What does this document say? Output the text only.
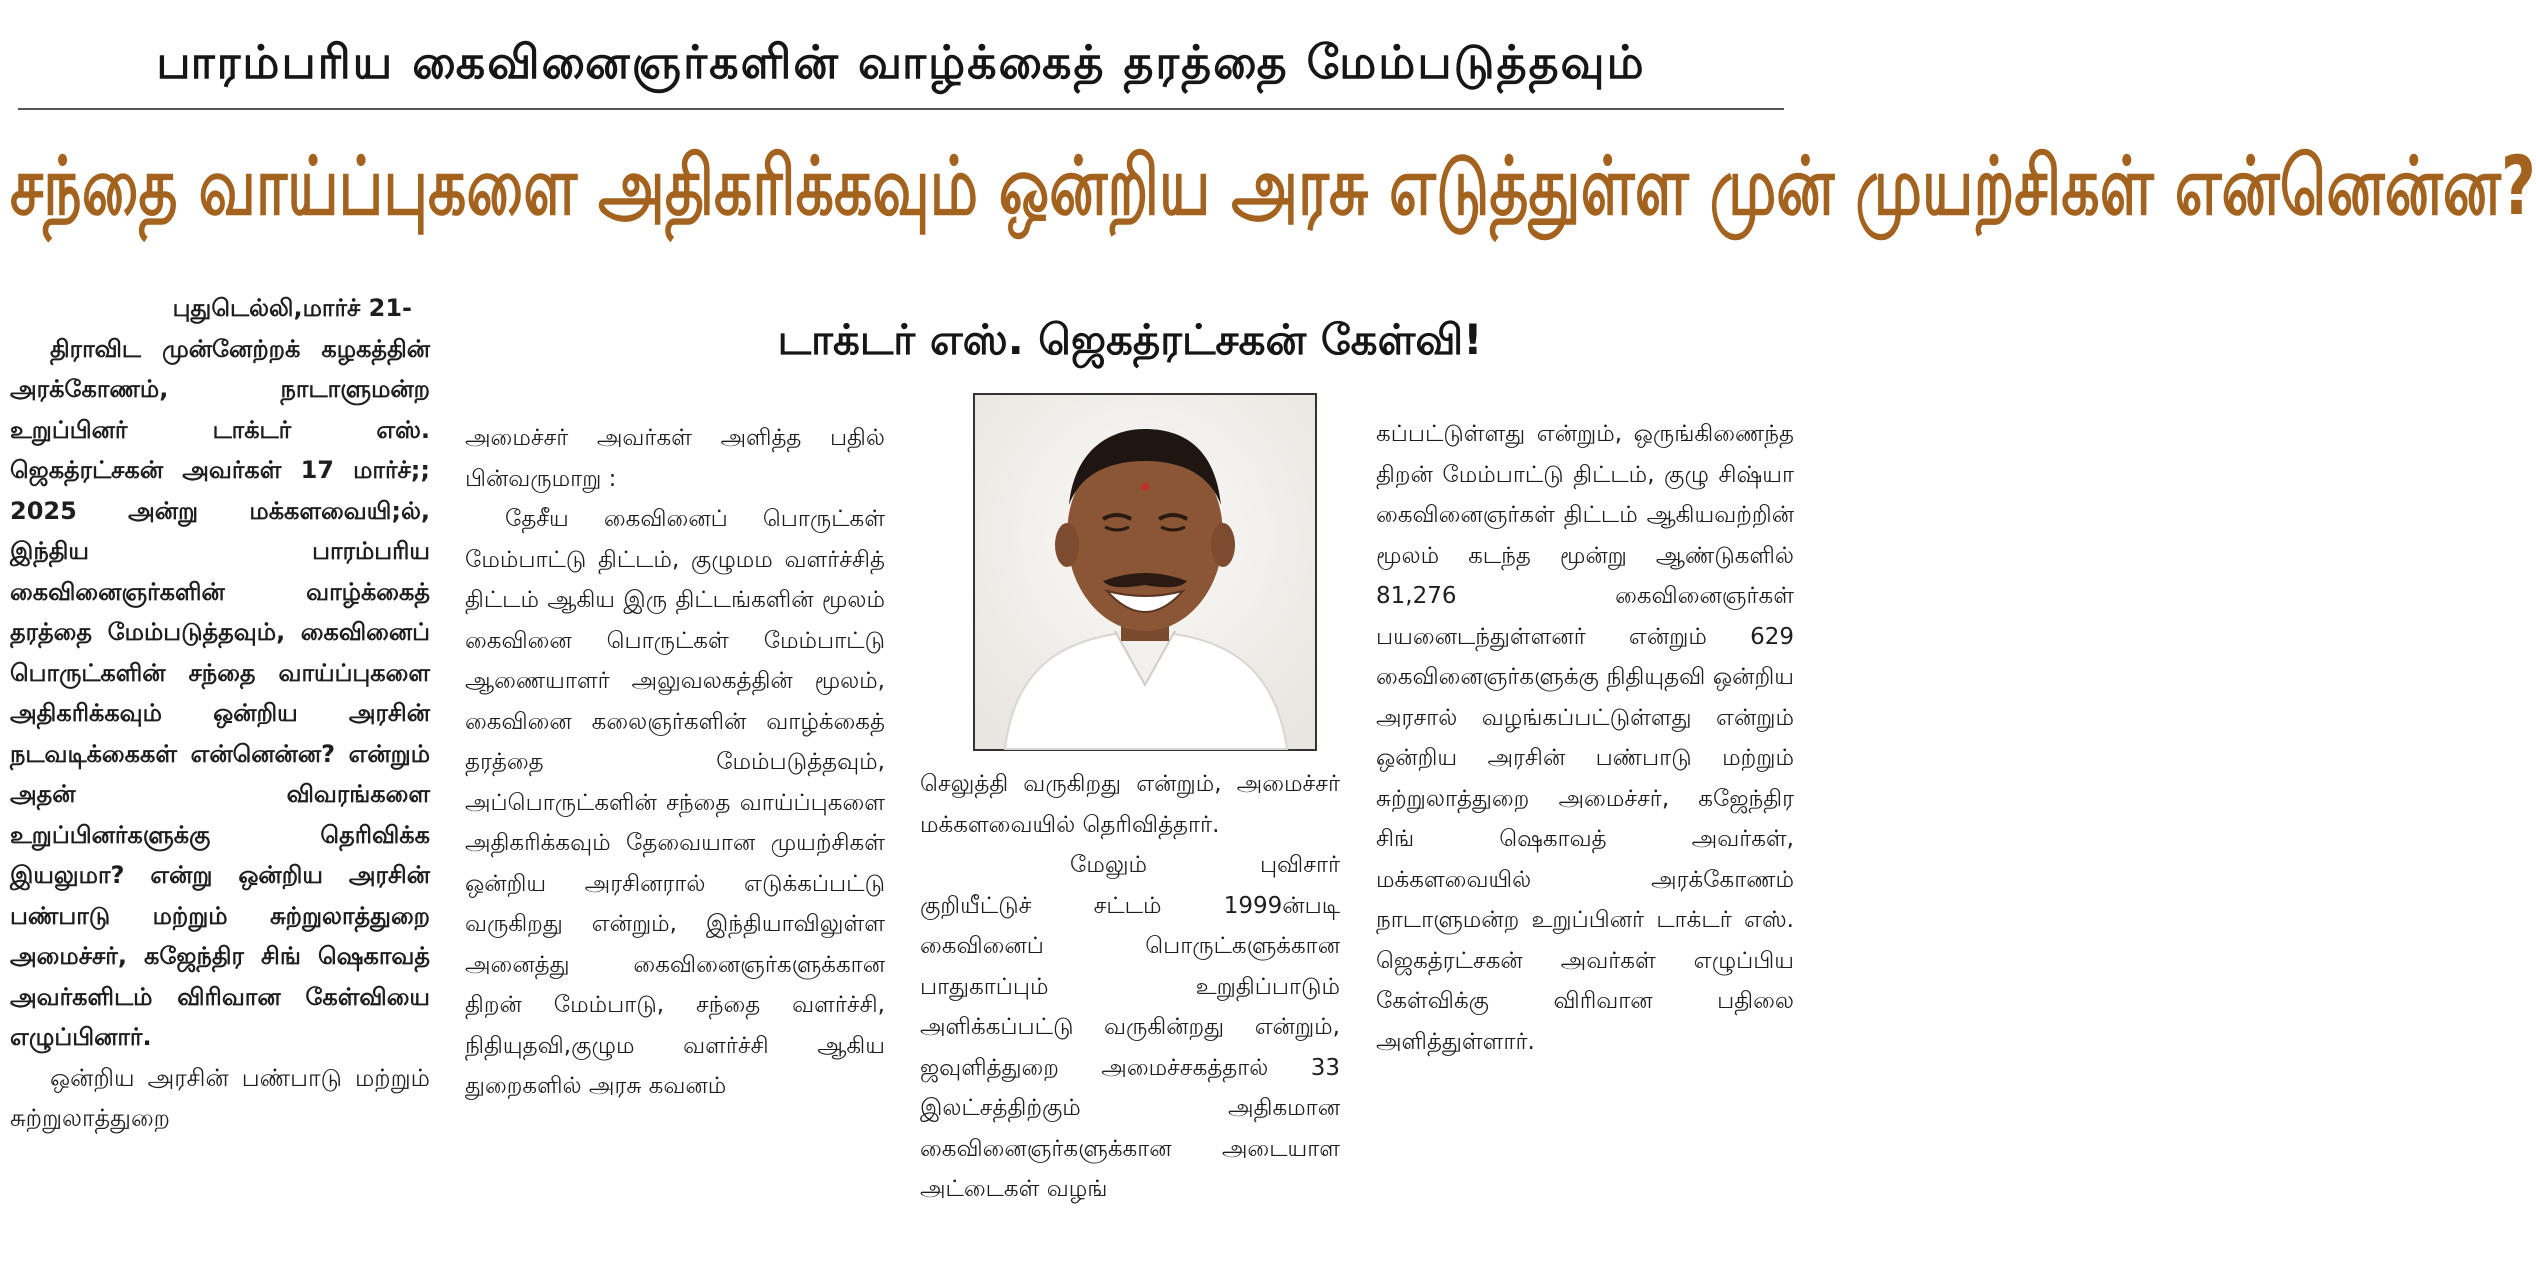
பாரம்பரிய கைவினைஞர்களின் வாழ்க்கைத் தரத்தை மேம்படுத்தவும்
சந்தை வாய்ப்புகளை அதிகரிக்கவும் ஒன்றிய அரசு எடுத்துள்ள முன் முயற்சிகள் என்னென்ன?
டாக்டர் எஸ். ஜெகத்ரட்சகன் கேள்வி!

புதுடெல்லி,மார்ச் 21-

திராவிட முன்னேற்றக் கழகத்தின் அரக்கோணம், நாடாளுமன்ற உறுப்பினர் டாக்டர் எஸ். ஜெகத்ரட்சகன் அவர்கள் 17 மார்ச்;; 2025 அன்று மக்களவையி;ல், இந்திய பாரம்பரிய கைவினைஞர்களின் வாழ்க்கைத் தரத்தை மேம்படுத்தவும், கைவினைப் பொருட்களின் சந்தை வாய்ப்புகளை அதிகரிக்கவும் ஒன்றிய அரசின் நடவடிக்கைகள் என்னென்ன? என்றும் அதன் விவரங்களை உறுப்பினர்களுக்கு தெரிவிக்க இயலுமா? என்று ஒன்றிய அரசின் பண்பாடு மற்றும் சுற்றுலாத்துறை அமைச்சர், கஜேந்திர சிங் ஷெகாவத் அவர்களிடம் விரிவான கேள்வியை எழுப்பினார்.

ஒன்றிய அரசின் பண்பாடு மற்றும் சுற்றுலாத்துறை

அமைச்சர் அவர்கள் அளித்த பதில் பின்வருமாறு :

தேசீய கைவினைப் பொருட்கள் மேம்பாட்டு திட்டம், குழுமம வளர்ச்சித் திட்டம் ஆகிய இரு திட்டங்களின் மூலம் கைவினை பொருட்கள் மேம்பாட்டு ஆணையாளர் அலுவலகத்தின் மூலம், கைவினை கலைஞர்களின் வாழ்க்கைத் தரத்தை மேம்படுத்தவும், அப்பொருட்களின் சந்தை வாய்ப்புகளை அதிகரிக்கவும் தேவையான முயற்சிகள் ஒன்றிய அரசினரால் எடுக்கப்பட்டு வருகிறது என்றும், இந்தியாவிலுள்ள அனைத்து கைவினைஞர்களுக்கான திறன் மேம்பாடு, சந்தை வளர்ச்சி, நிதியுதவி,குழும வளர்ச்சி ஆகிய துறைகளில் அரசு கவனம்

செலுத்தி வருகிறது என்றும், அமைச்சர் மக்களவையில் தெரிவித்தார்.

மேலும் புவிசார் குறியீட்டுச் சட்டம் 1999ன்படி கைவினைப் பொருட்களுக்கான பாதுகாப்பும் உறுதிப்பாடும் அளிக்கப்பட்டு வருகின்றது என்றும், ஜவுளித்துறை அமைச்சகத்தால் 33 இலட்சத்திற்கும் அதிகமான கைவினைஞர்களுக்கான அடையாள அட்டைகள் வழங்

கப்பட்டுள்ளது என்றும், ஒருங்கிணைந்த திறன் மேம்பாட்டு திட்டம், குழு சிஷ்யா கைவினைஞர்கள் திட்டம் ஆகியவற்றின் மூலம் கடந்த மூன்று ஆண்டுகளில் 81,276 கைவினைஞர்கள் பயனைடந்துள்ளனர் என்றும் 629 கைவினைஞர்களுக்கு நிதியுதவி ஒன்றிய அரசால் வழங்கப்பட்டுள்ளது என்றும் ஒன்றிய அரசின் பண்பாடு மற்றும் சுற்றுலாத்துறை அமைச்சர், கஜேந்திர சிங் ஷெகாவத் அவர்கள், மக்களவையில் அரக்கோணம் நாடாளுமன்ற உறுப்பினர் டாக்டர் எஸ். ஜெகத்ரட்சகன் அவர்கள் எழுப்பிய கேள்விக்கு விரிவான பதிலை அளித்துள்ளார்.
